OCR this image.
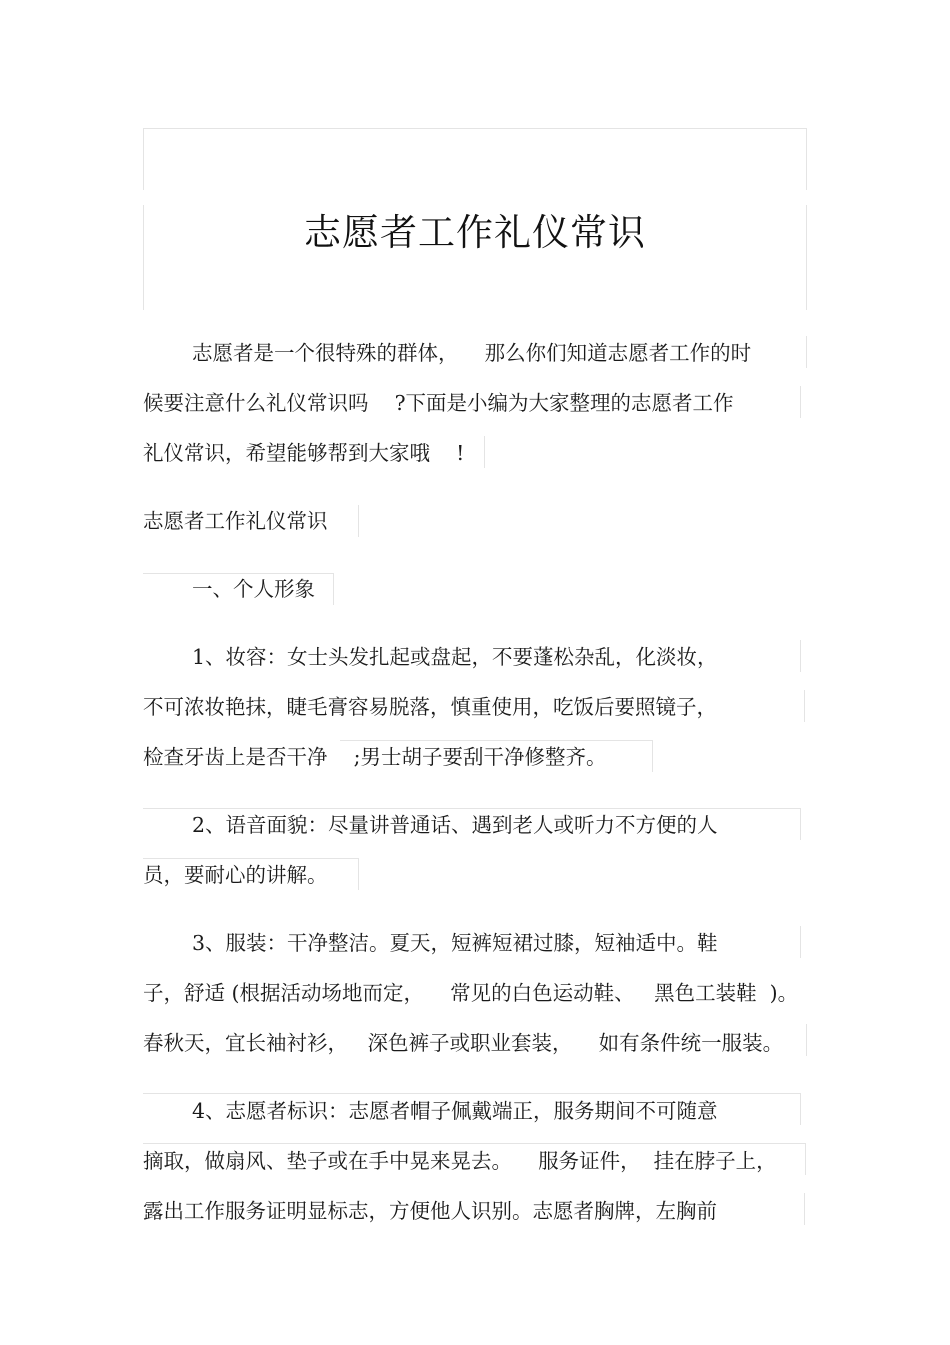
志愿者工作礼仪常识
志愿者是一个很特殊的群体，    那么你们知道志愿者工作的时
候要注意什么礼仪常识吗    ?下面是小编为大家整理的志愿者工作
礼仪常识，希望能够帮到大家哦    !
志愿者工作礼仪常识
一、个人形象
1、妆容：女士头发扎起或盘起，不要蓬松杂乱，化淡妆，
不可浓妆艳抹，睫毛膏容易脱落，慎重使用，吃饭后要照镜子，
检查牙齿上是否干净    ;男士胡子要刮干净修整齐。
2、语音面貌：尽量讲普通话、遇到老人或听力不方便的人
员，要耐心的讲解。
3、服装：干净整洁。夏天，短裤短裙过膝，短袖适中。鞋
子，舒适 (根据活动场地而定，    常见的白色运动鞋、   黑色工装鞋  )。
春秋天，宜长袖衬衫，   深色裤子或职业套装，    如有条件统一服装。
4、志愿者标识：志愿者帽子佩戴端正，服务期间不可随意
摘取，做扇风、垫子或在手中晃来晃去。    服务证件，  挂在脖子上，
露出工作服务证明显标志，方便他人识别。志愿者胸牌，左胸前
